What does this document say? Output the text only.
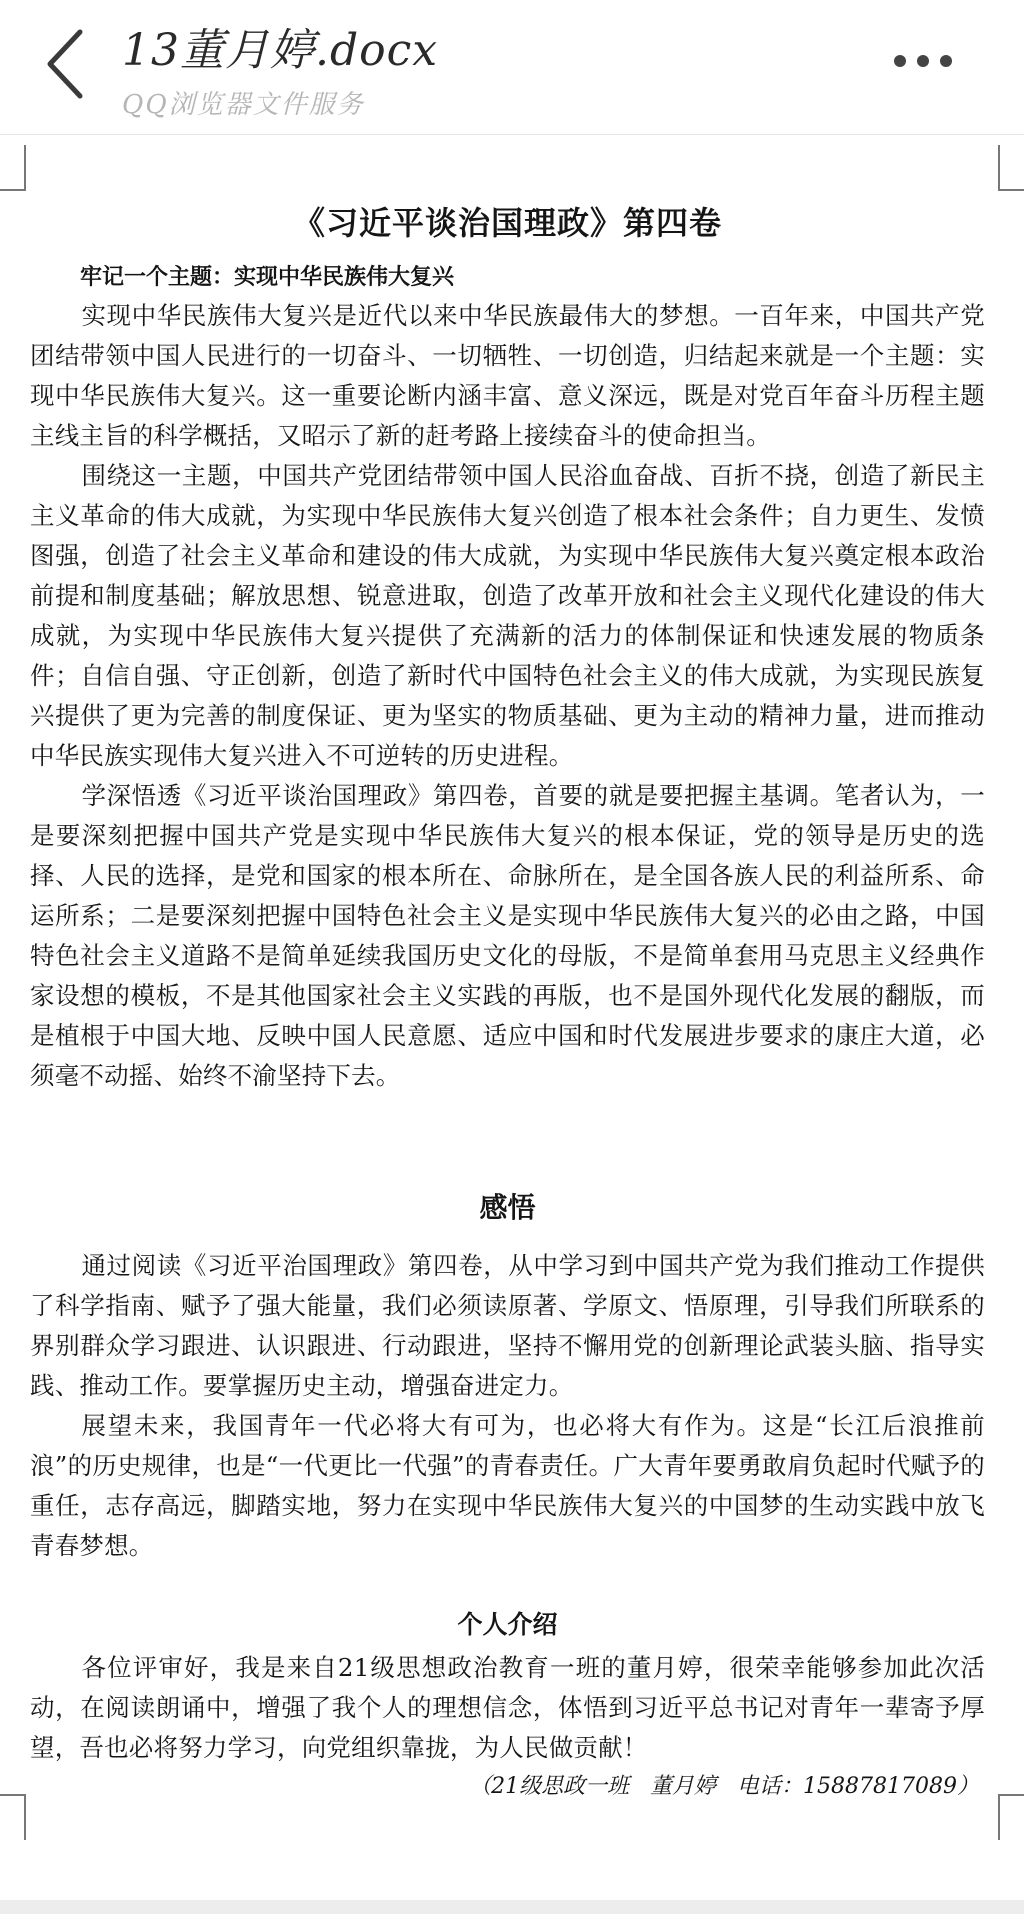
13董月婷.docx
QQ浏览器文件服务
《习近平谈治国理政》第四卷
牢记一个主题：实现中华民族伟大复兴

实现中华民族伟大复兴是近代以来中华民族最伟大的梦想。一百年来，中国共产党团结带领中国人民进行的一切奋斗、一切牺牲、一切创造，归结起来就是一个主题：实现中华民族伟大复兴。这一重要论断内涵丰富、意义深远，既是对党百年奋斗历程主题主线主旨的科学概括，又昭示了新的赶考路上接续奋斗的使命担当。

围绕这一主题，中国共产党团结带领中国人民浴血奋战、百折不挠，创造了新民主主义革命的伟大成就，为实现中华民族伟大复兴创造了根本社会条件；自力更生、发愤图强，创造了社会主义革命和建设的伟大成就，为实现中华民族伟大复兴奠定根本政治前提和制度基础；解放思想、锐意进取，创造了改革开放和社会主义现代化建设的伟大成就，为实现中华民族伟大复兴提供了充满新的活力的体制保证和快速发展的物质条件；自信自强、守正创新，创造了新时代中国特色社会主义的伟大成就，为实现民族复兴提供了更为完善的制度保证、更为坚实的物质基础、更为主动的精神力量，进而推动中华民族实现伟大复兴进入不可逆转的历史进程。

学深悟透《习近平谈治国理政》第四卷，首要的就是要把握主基调。笔者认为，一是要深刻把握中国共产党是实现中华民族伟大复兴的根本保证，党的领导是历史的选择、人民的选择，是党和国家的根本所在、命脉所在，是全国各族人民的利益所系、命运所系；二是要深刻把握中国特色社会主义是实现中华民族伟大复兴的必由之路，中国特色社会主义道路不是简单延续我国历史文化的母版，不是简单套用马克思主义经典作家设想的模板，不是其他国家社会主义实践的再版，也不是国外现代化发展的翻版，而是植根于中国大地、反映中国人民意愿、适应中国和时代发展进步要求的康庄大道，必须毫不动摇、始终不渝坚持下去。

感悟

通过阅读《习近平治国理政》第四卷，从中学习到中国共产党为我们推动工作提供了科学指南、赋予了强大能量，我们必须读原著、学原文、悟原理，引导我们所联系的界别群众学习跟进、认识跟进、行动跟进，坚持不懈用党的创新理论武装头脑、指导实践、推动工作。要掌握历史主动，增强奋进定力。

展望未来，我国青年一代必将大有可为，也必将大有作为。这是“长江后浪推前浪”的历史规律，也是“一代更比一代强”的青春责任。广大青年要勇敢肩负起时代赋予的重任，志存高远，脚踏实地，努力在实现中华民族伟大复兴的中国梦的生动实践中放飞青春梦想。

个人介绍

各位评审好，我是来自21级思想政治教育一班的董月婷，很荣幸能够参加此次活动，在阅读朗诵中，增强了我个人的理想信念，体悟到习近平总书记对青年一辈寄予厚望，吾也必将努力学习，向党组织靠拢，为人民做贡献！

（21级思政一班   董月婷   电话：15887817089）
